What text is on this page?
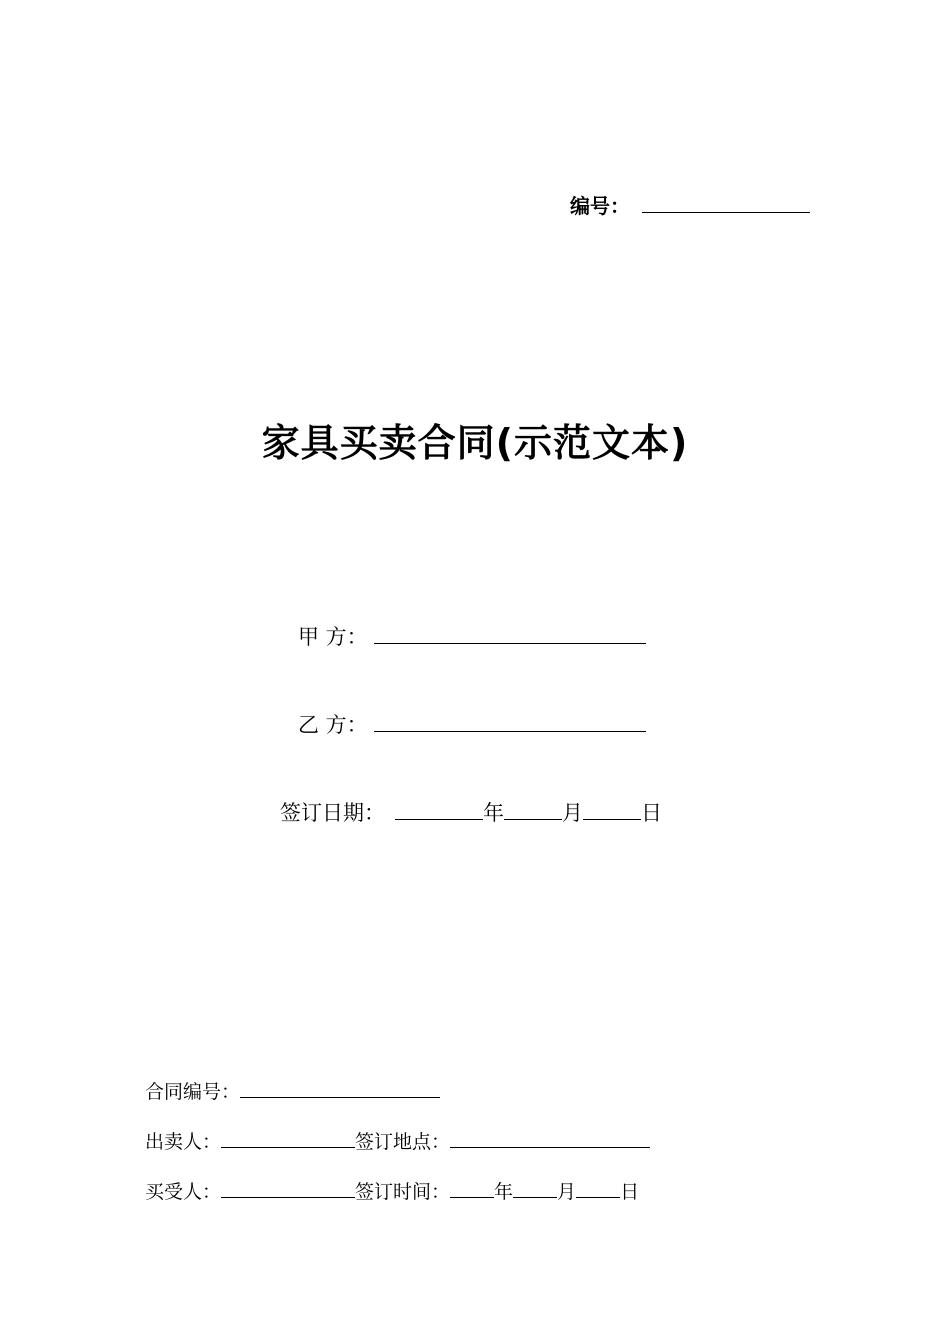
编号：
家具买卖合同(示范文本)
甲 方：
乙 方：
签订日期：	年	月	日
合同编号：
出卖人：	签订地点：
买受人：	签订时间： 年 月 日
